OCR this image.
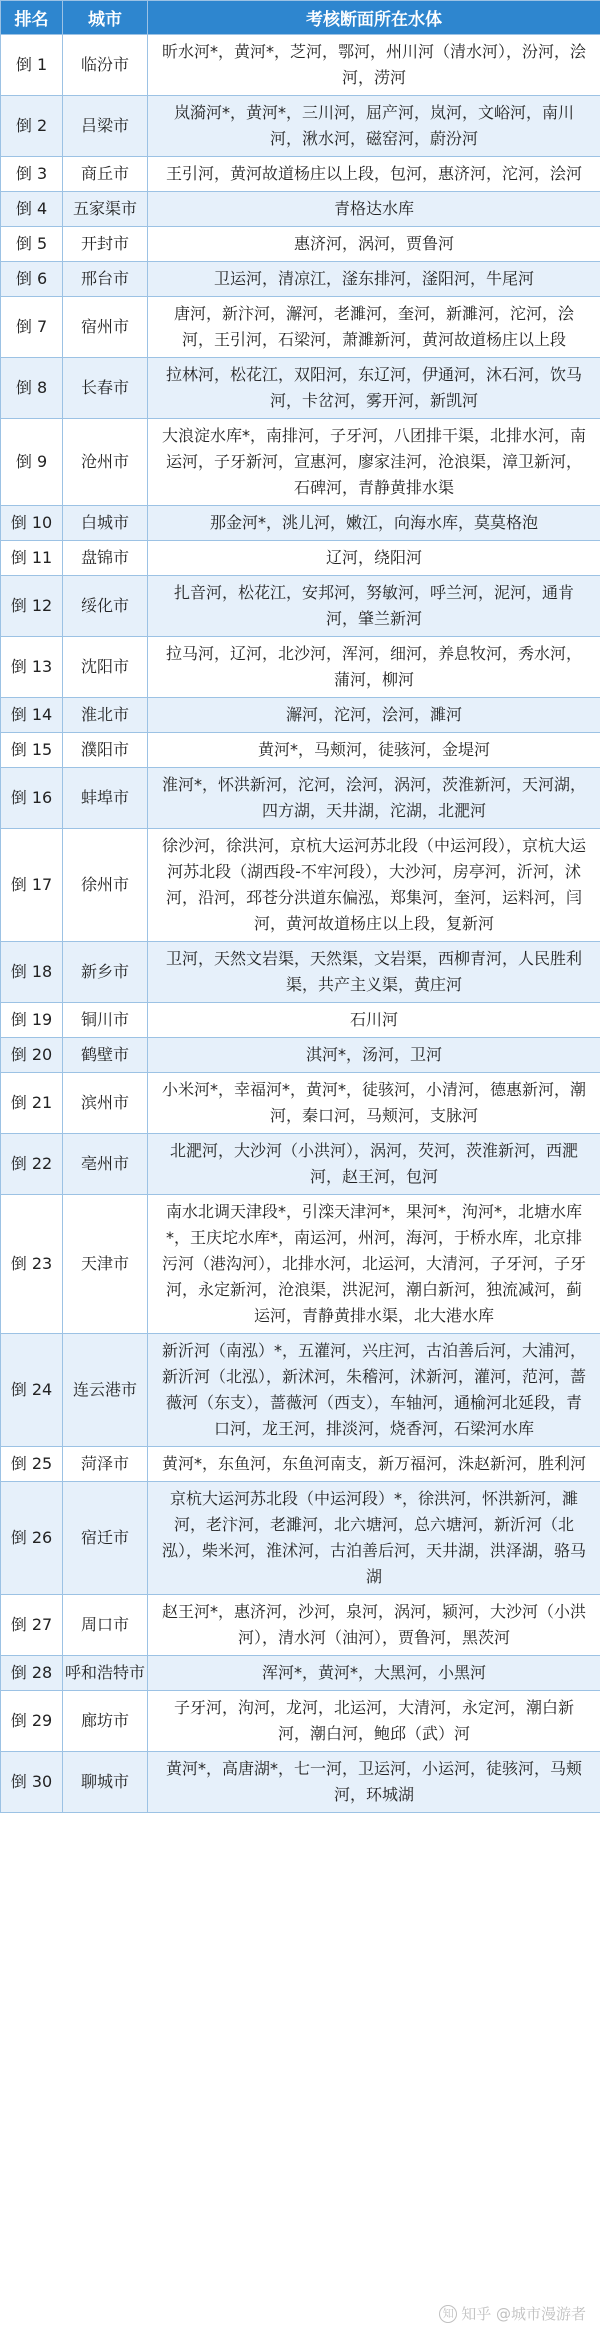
排名	城市	考核断面所在水体
倒 1	临汾市	昕水河*，黄河*，芝河，鄂河，州川河（清水河），汾河，浍河，涝河
倒 2	吕梁市	岚漪河*，黄河*，三川河，屈产河，岚河，文峪河，南川河，湫水河，磁窑河，蔚汾河
倒 3	商丘市	王引河，黄河故道杨庄以上段，包河，惠济河，沱河，浍河
倒 4	五家渠市	青格达水库
倒 5	开封市	惠济河，涡河，贾鲁河
倒 6	邢台市	卫运河，清凉江，滏东排河，滏阳河，牛尾河
倒 7	宿州市	唐河，新汴河，澥河，老濉河，奎河，新濉河，沱河，浍河，王引河，石梁河，萧濉新河，黄河故道杨庄以上段
倒 8	长春市	拉林河，松花江，双阳河，东辽河，伊通河，沐石河，饮马河，卡岔河，雾开河，新凯河
倒 9	沧州市	大浪淀水库*，南排河，子牙河，八团排干渠，北排水河，南运河，子牙新河，宣惠河，廖家洼河，沧浪渠，漳卫新河，石碑河，青静黄排水渠
倒 10	白城市	那金河*，洮儿河，嫩江，向海水库，莫莫格泡
倒 11	盘锦市	辽河，绕阳河
倒 12	绥化市	扎音河，松花江，安邦河，努敏河，呼兰河，泥河，通肯河，肇兰新河
倒 13	沈阳市	拉马河，辽河，北沙河，浑河，细河，养息牧河，秀水河，蒲河，柳河
倒 14	淮北市	澥河，沱河，浍河，濉河
倒 15	濮阳市	黄河*，马颊河，徒骇河，金堤河
倒 16	蚌埠市	淮河*，怀洪新河，沱河，浍河，涡河，茨淮新河，天河湖，四方湖，天井湖，沱湖，北淝河
倒 17	徐州市	徐沙河，徐洪河，京杭大运河苏北段（中运河段），京杭大运河苏北段（湖西段-不牢河段），大沙河，房亭河，沂河，沭河，沿河，邳苍分洪道东偏泓，郑集河，奎河，运料河，闫河，黄河故道杨庄以上段，复新河
倒 18	新乡市	卫河，天然文岩渠，天然渠，文岩渠，西柳青河，人民胜利渠，共产主义渠，黄庄河
倒 19	铜川市	石川河
倒 20	鹤壁市	淇河*，汤河，卫河
倒 21	滨州市	小米河*，幸福河*，黄河*，徒骇河，小清河，德惠新河，潮河，秦口河，马颊河，支脉河
倒 22	亳州市	北淝河，大沙河（小洪河），涡河，芡河，茨淮新河，西淝河，赵王河，包河
倒 23	天津市	南水北调天津段*，引滦天津河*，果河*，泃河*，北塘水库*，王庆坨水库*，南运河，州河，海河，于桥水库，北京排污河（港沟河），北排水河，北运河，大清河，子牙河，子牙河，永定新河，沧浪渠，洪泥河，潮白新河，独流减河，蓟运河，青静黄排水渠，北大港水库
倒 24	连云港市	新沂河（南泓）*，五灌河，兴庄河，古泊善后河，大浦河，新沂河（北泓），新沭河，朱稽河，沭新河，灌河，范河，蔷薇河（东支），蔷薇河（西支），车轴河，通榆河北延段，青口河，龙王河，排淡河，烧香河，石梁河水库
倒 25	菏泽市	黄河*，东鱼河，东鱼河南支，新万福河，洙赵新河，胜利河
倒 26	宿迁市	京杭大运河苏北段（中运河段）*，徐洪河，怀洪新河，濉河，老汴河，老濉河，北六塘河，总六塘河，新沂河（北泓），柴米河，淮沭河，古泊善后河，天井湖，洪泽湖，骆马湖
倒 27	周口市	赵王河*，惠济河，沙河，泉河，涡河，颍河，大沙河（小洪河），清水河（油河），贾鲁河，黑茨河
倒 28	呼和浩特市	浑河*，黄河*，大黑河，小黑河
倒 29	廊坊市	子牙河，泃河，龙河，北运河，大清河，永定河，潮白新河，潮白河，鲍邱（武）河
倒 30	聊城市	黄河*，高唐湖*，七一河，卫运河，小运河，徒骇河，马颊河，环城湖
知 知乎 @城市漫游者
